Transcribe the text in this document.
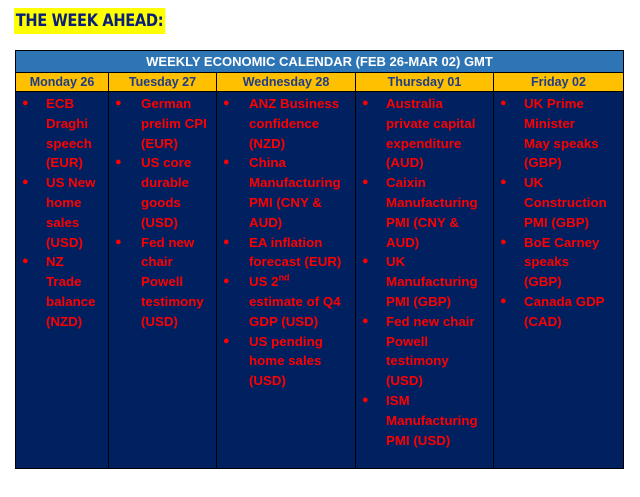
THE WEEK AHEAD:
WEEKLY ECONOMIC CALENDAR (FEB 26-MAR 02) GMT
Monday 26
● ECB
Draghi
speech
(EUR)
● US New
home
sales
(USD)
● NZ
Trade
balance
(NZD)
Tuesday 27
● German
prelim CPI
(EUR)
● US core
durable
goods
(USD)
● Fed new
chair
Powell
testimony
(USD)
Wednesday 28
● ANZ Business
confidence
(NZD)
● China
Manufacturing
PMI (CNY &
AUD)
● EA inflation
forecast (EUR)
● US 2nd
estimate of Q4
GDP (USD)
● US pending
home sales
(USD)
Thursday 01
● Australia
private capital
expenditure
(AUD)
● Caixin
Manufacturing
PMI (CNY &
AUD)
● UK
Manufacturing
PMI (GBP)
● Fed new chair
Powell
testimony
(USD)
● ISM
Manufacturing
PMI (USD)
Friday 02
● UK Prime
Minister
May speaks
(GBP)
● UK
Construction
PMI (GBP)
● BoE Carney
speaks
(GBP)
● Canada GDP
(CAD)
